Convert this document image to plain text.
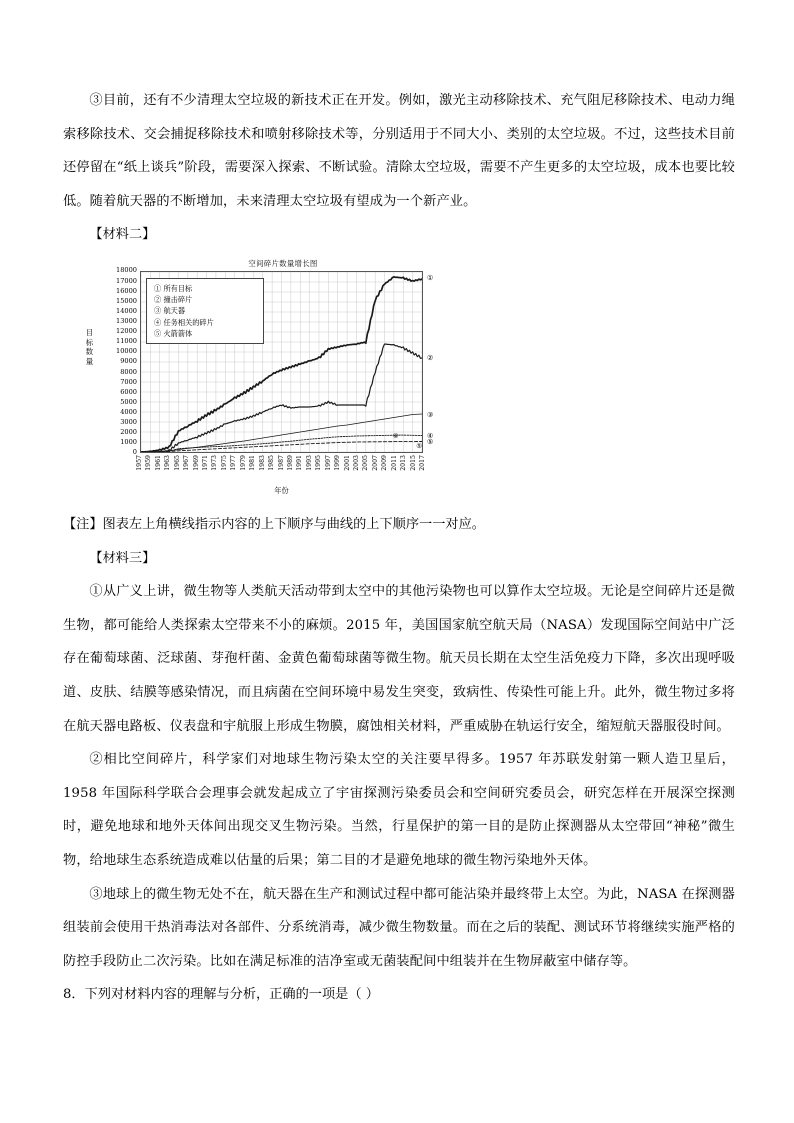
③目前，还有不少清理太空垃圾的新技术正在开发。例如，激光主动移除技术、充气阻尼移除技术、电动力绳索移除技术、交会捕捉移除技术和喷射移除技术等，分别适用于不同大小、类别的太空垃圾。不过，这些技术目前还停留在“纸上谈兵”阶段，需要深入探索、不断试验。清除太空垃圾，需要不产生更多的太空垃圾，成本也要比较低。随着航天器的不断增加，未来清理太空垃圾有望成为一个新产业。

【材料二】

空间碎片数量增长图
目标数量
0
1000
2000
3000
4000
5000
6000
7000
8000
9000
10000
11000
12000
13000
14000
15000
16000
17000
18000
④
⑤
1957 1959 1961 1963 1965 1967 1969 1971 1973 1975 1977 1979 1981 1983 1985 1987 1989 1991 1993 1995 1997 1999 2001 2003 2005 2007 2009 2011 2013 2015 2017
年份
① 所有目标
② 撞击碎片
③ 航天器
④ 任务相关的碎片
⑤ 火箭箭体
①
②
③
④
⑤

【注】图表左上角横线指示内容的上下顺序与曲线的上下顺序一一对应。

【材料三】

①从广义上讲，微生物等人类航天活动带到太空中的其他污染物也可以算作太空垃圾。无论是空间碎片还是微生物，都可能给人类探索太空带来不小的麻烦。2015 年，美国国家航空航天局（NASA）发现国际空间站中广泛存在葡萄球菌、泛球菌、芽孢杆菌、金黄色葡萄球菌等微生物。航天员长期在太空生活免疫力下降，多次出现呼吸道、皮肤、结膜等感染情况，而且病菌在空间环境中易发生突变，致病性、传染性可能上升。此外，微生物过多将在航天器电路板、仪表盘和宇航服上形成生物膜，腐蚀相关材料，严重威胁在轨运行安全，缩短航天器服役时间。

②相比空间碎片，科学家们对地球生物污染太空的关注要早得多。1957 年苏联发射第一颗人造卫星后，1958 年国际科学联合会理事会就发起成立了宇宙探测污染委员会和空间研究委员会，研究怎样在开展深空探测时，避免地球和地外天体间出现交叉生物污染。当然，行星保护的第一目的是防止探测器从太空带回“神秘”微生物，给地球生态系统造成难以估量的后果；第二目的才是避免地球的微生物污染地外天体。

③地球上的微生物无处不在，航天器在生产和测试过程中都可能沾染并最终带上太空。为此，NASA 在探测器组装前会使用干热消毒法对各部件、分系统消毒，减少微生物数量。而在之后的装配、测试环节将继续实施严格的防控手段防止二次污染。比如在满足标准的洁净室或无菌装配间中组装并在生物屏蔽室中储存等。

8．下列对材料内容的理解与分析，正确的一项是（ ）
